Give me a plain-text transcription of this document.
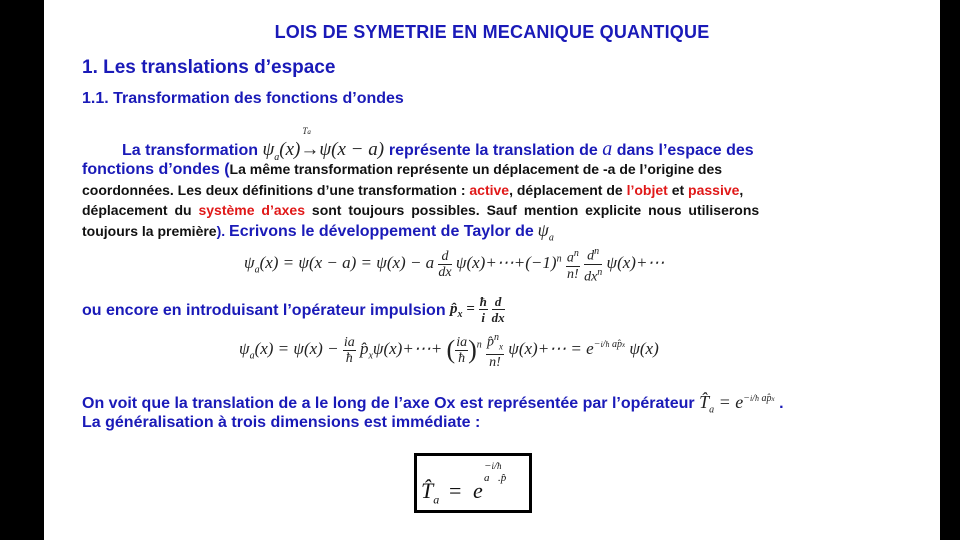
LOIS DE SYMETRIE EN MECANIQUE QUANTIQUE
1. Les translations d’espace
1.1. Transformation des fonctions d’ondes
La transformation $\psi_a(x)\to$
Ta
ψ(x − a) représente la translation de a dans l’espace des
fonctions d’ondes (La même transformation représente un déplacement de -a de l’origine des
coordonnées. Les deux définitions d’une transformation : active, déplacement de l’objet et passive,
déplacement du système d’axes sont toujours possibles. Sauf mention explicite nous utiliserons
toujours la première). Ecrivons le développement de Taylor de $\psi_a$
$\psi_a(x) = \psi(x - a) = \psi(x) - a \frac{d}{dx}$ $\psi(x)+\cdots+(-1)^n \frac{a^n}{n!}$
$\frac{d^n}{dx^n}$ ψ(x)+⋯
ou encore en introduisant l’opérateur impulsion $p̂_x = \frac{ħ}{i}$
$\frac{d}{dx}$
$\psi_a(x) = \psi(x) - \frac{ia}{ħ}$ $p̂_x\psi(x)+\cdots+$ ( $\frac{ia}{ħ} )^n \frac{p̂^n_x}{n!}$ ψ(x)+⋯ = $e^{-i/ħ ap̂x}$ ψ(x)
On voit que la translation de a le long de l’axe Ox est représentée par l’opérateur $T̂_a = e^{-i/ħ ap̂x}$ .
La généralisation à trois dimensions est immédiate :
$T̂_{a⃗} = e$
−i/ħ a⃗.p̂⃗
